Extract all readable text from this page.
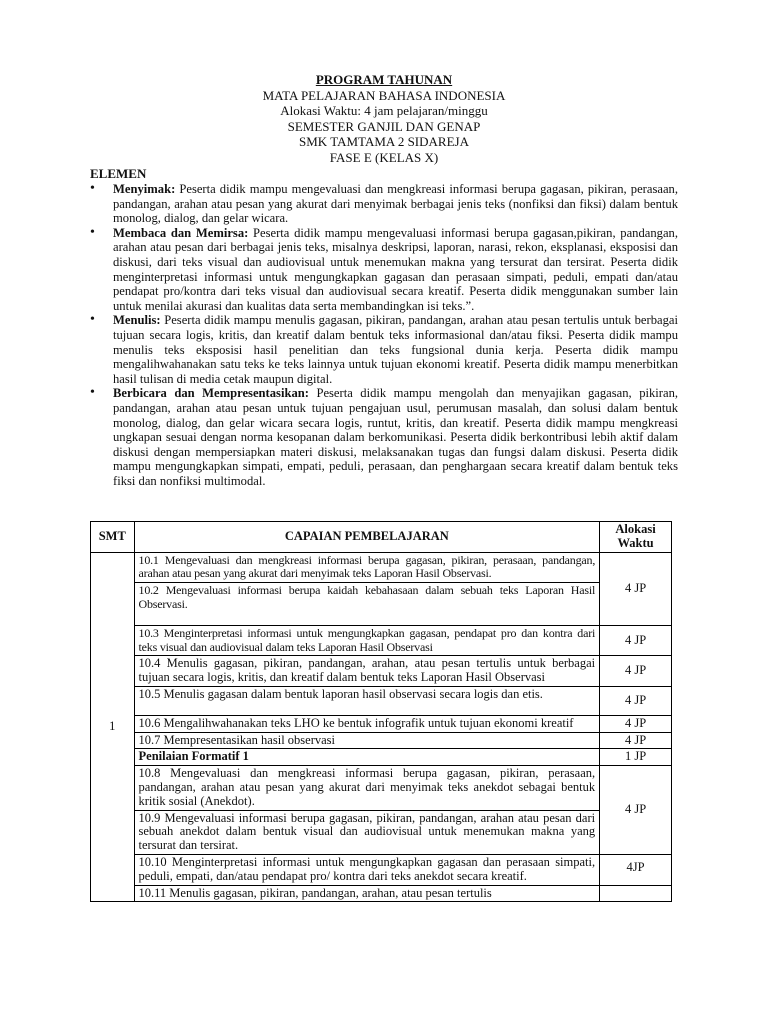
PROGRAM TAHUNAN
MATA PELAJARAN BAHASA INDONESIA
Alokasi Waktu: 4 jam pelajaran/minggu
SEMESTER GANJIL DAN GENAP
SMK TAMTAMA 2 SIDAREJA
FASE E (KELAS X)
ELEMEN
• Menyimak: Peserta didik mampu mengevaluasi dan mengkreasi informasi berupa gagasan, pikiran, perasaan, pandangan, arahan atau pesan yang akurat dari menyimak berbagai jenis teks (nonfiksi dan fiksi) dalam bentuk monolog, dialog, dan gelar wicara.
• Membaca dan Memirsa: Peserta didik mampu mengevaluasi informasi berupa gagasan,pikiran, pandangan, arahan atau pesan dari berbagai jenis teks, misalnya deskripsi, laporan, narasi, rekon, eksplanasi, eksposisi dan diskusi, dari teks visual dan audiovisual untuk menemukan makna yang tersurat dan tersirat. Peserta didik menginterpretasi informasi untuk mengungkapkan gagasan dan perasaan simpati, peduli, empati dan/atau pendapat pro/kontra dari teks visual dan audiovisual secara kreatif. Peserta didik menggunakan sumber lain untuk menilai akurasi dan kualitas data serta membandingkan isi teks.”.
• Menulis: Peserta didik mampu menulis gagasan, pikiran, pandangan, arahan atau pesan tertulis untuk berbagai tujuan secara logis, kritis, dan kreatif dalam bentuk teks informasional dan/atau fiksi. Peserta didik mampu menulis teks eksposisi hasil penelitian dan teks fungsional dunia kerja. Peserta didik mampu mengalihwahanakan satu teks ke teks lainnya untuk tujuan ekonomi kreatif. Peserta didik mampu menerbitkan hasil tulisan di media cetak maupun digital.
• Berbicara dan Mempresentasikan: Peserta didik mampu mengolah dan menyajikan gagasan, pikiran, pandangan, arahan atau pesan untuk tujuan pengajuan usul, perumusan masalah, dan solusi dalam bentuk monolog, dialog, dan gelar wicara secara logis, runtut, kritis, dan kreatif. Peserta didik mampu mengkreasi ungkapan sesuai dengan norma kesopanan dalam berkomunikasi. Peserta didik berkontribusi lebih aktif dalam diskusi dengan mempersiapkan materi diskusi, melaksanakan tugas dan fungsi dalam diskusi. Peserta didik mampu mengungkapkan simpati, empati, peduli, perasaan, dan penghargaan secara kreatif dalam bentuk teks fiksi dan nonfiksi multimodal.
SMT	CAPAIAN PEMBELAJARAN	Alokasi Waktu
1	10.1 Mengevaluasi dan mengkreasi informasi berupa gagasan, pikiran, perasaan, pandangan, arahan atau pesan yang akurat dari menyimak teks Laporan Hasil Observasi.	4 JP
	10.2 Mengevaluasi informasi berupa kaidah kebahasaan dalam sebuah teks Laporan Hasil Observasi.	

	10.3 Menginterpretasi informasi untuk mengungkapkan gagasan, pendapat pro dan kontra dari teks visual dan audiovisual dalam teks Laporan Hasil Observasi	4 JP
	10.4 Menulis gagasan, pikiran, pandangan, arahan, atau pesan tertulis untuk berbagai tujuan secara logis, kritis, dan kreatif dalam bentuk teks Laporan Hasil Observasi	4 JP
	10.5 Menulis gagasan dalam bentuk laporan hasil observasi secara logis dan etis.	4 JP
	10.6 Mengalihwahanakan teks LHO ke bentuk infografik untuk tujuan ekonomi kreatif	4 JP
	10.7 Mempresentasikan hasil observasi	4 JP
	Penilaian Formatif 1	1 JP
	10.8 Mengevaluasi dan mengkreasi informasi berupa gagasan, pikiran, perasaan, pandangan, arahan atau pesan yang akurat dari menyimak teks anekdot sebagai bentuk kritik sosial (Anekdot).	4 JP
	10.9 Mengevaluasi informasi berupa gagasan, pikiran, pandangan, arahan atau pesan dari sebuah anekdot dalam bentuk visual dan audiovisual untuk menemukan makna yang tersurat dan tersirat.	
	10.10 Menginterpretasi informasi untuk mengungkapkan gagasan dan perasaan simpati, peduli, empati, dan/atau pendapat pro/ kontra dari teks anekdot secara kreatif.	4JP
	10.11 Menulis gagasan, pikiran, pandangan, arahan, atau pesan tertulis	
